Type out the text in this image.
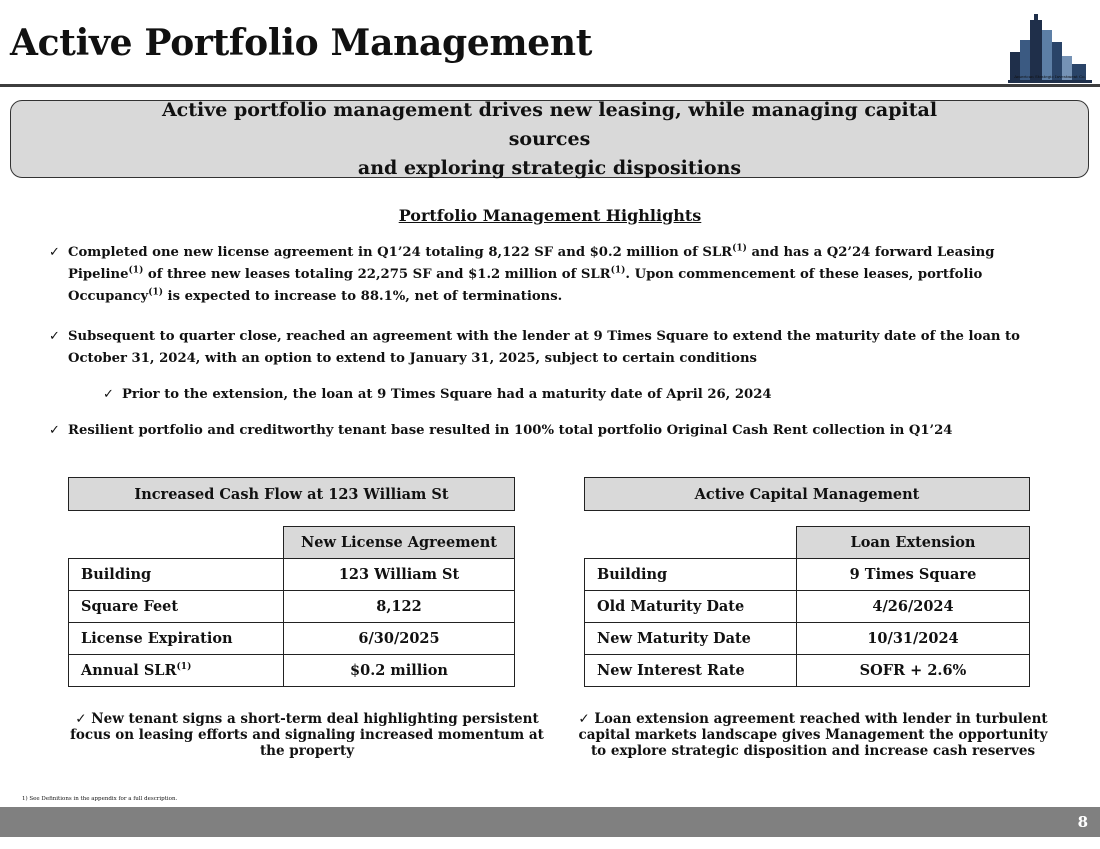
Active Portfolio Management
American Strategic Investment Co.
Active portfolio management drives new leasing, while managing capital sources
and exploring strategic dispositions
Portfolio Management Highlights
✓ Completed one new license agreement in Q1’24 totaling 8,122 SF and $0.2 million of SLR$^{(1)}$ and has a Q2’24 forward Leasing
Pipeline$^{(1)}$ of three new leases totaling 22,275 SF and $1.2 million of SLR$^{(1)}$. Upon commencement of these leases, portfolio
Occupancy$^{(1)}$ is expected to increase to 88.1%, net of terminations.
✓ Subsequent to quarter close, reached an agreement with the lender at 9 Times Square to extend the maturity date of the loan to
October 31, 2024, with an option to extend to January 31, 2025, subject to certain conditions
✓ Prior to the extension, the loan at 9 Times Square had a maturity date of April 26, 2024
✓ Resilient portfolio and creditworthy tenant base resulted in 100% total portfolio Original Cash Rent collection in Q1’24
Increased Cash Flow at 123 William St
	New License Agreement
Building	123 William St
Square Feet	8,122
License Expiration	6/30/2025
Annual SLR$^{(1)}$	$0.2 million
✓ New tenant signs a short-term deal highlighting persistent focus on leasing efforts and signaling increased momentum at the property
Active Capital Management
	Loan Extension
Building	9 Times Square
Old Maturity Date	4/26/2024
New Maturity Date	10/31/2024
New Interest Rate	SOFR + 2.6%
✓ Loan extension agreement reached with lender in turbulent capital markets landscape gives Management the opportunity to explore strategic disposition and increase cash reserves
1) See Definitions in the appendix for a full description.
8
